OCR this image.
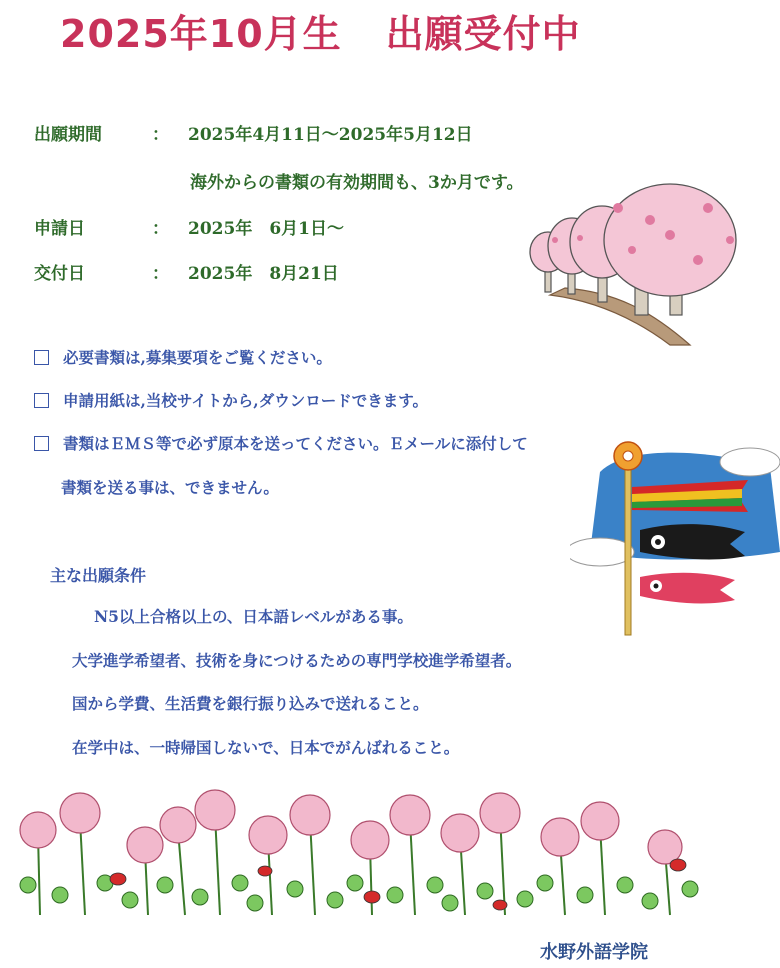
2025年10月生 出願受付中
出願期間	： 2025年4月11日～2025年5月12日
海外からの書類の有効期間も、3か月です。
申請日	： 2025年　6月1日～
交付日	： 2025年　8月21日
必要書類は,募集要項をご覧ください。
申請用紙は,当校サイトから,ダウンロードできます。
書類はＥＭＳ等で必ず原本を送ってください。Ｅメールに添付して
書類を送る事は、できません。
主な出願条件
N5以上合格以上の、日本語レベルがある事。
大学進学希望者、技術を身につけるための専門学校進学希望者。
国から学費、生活費を銀行振り込みで送れること。
在学中は、一時帰国しないで、日本でがんばれること。
水野外語学院
